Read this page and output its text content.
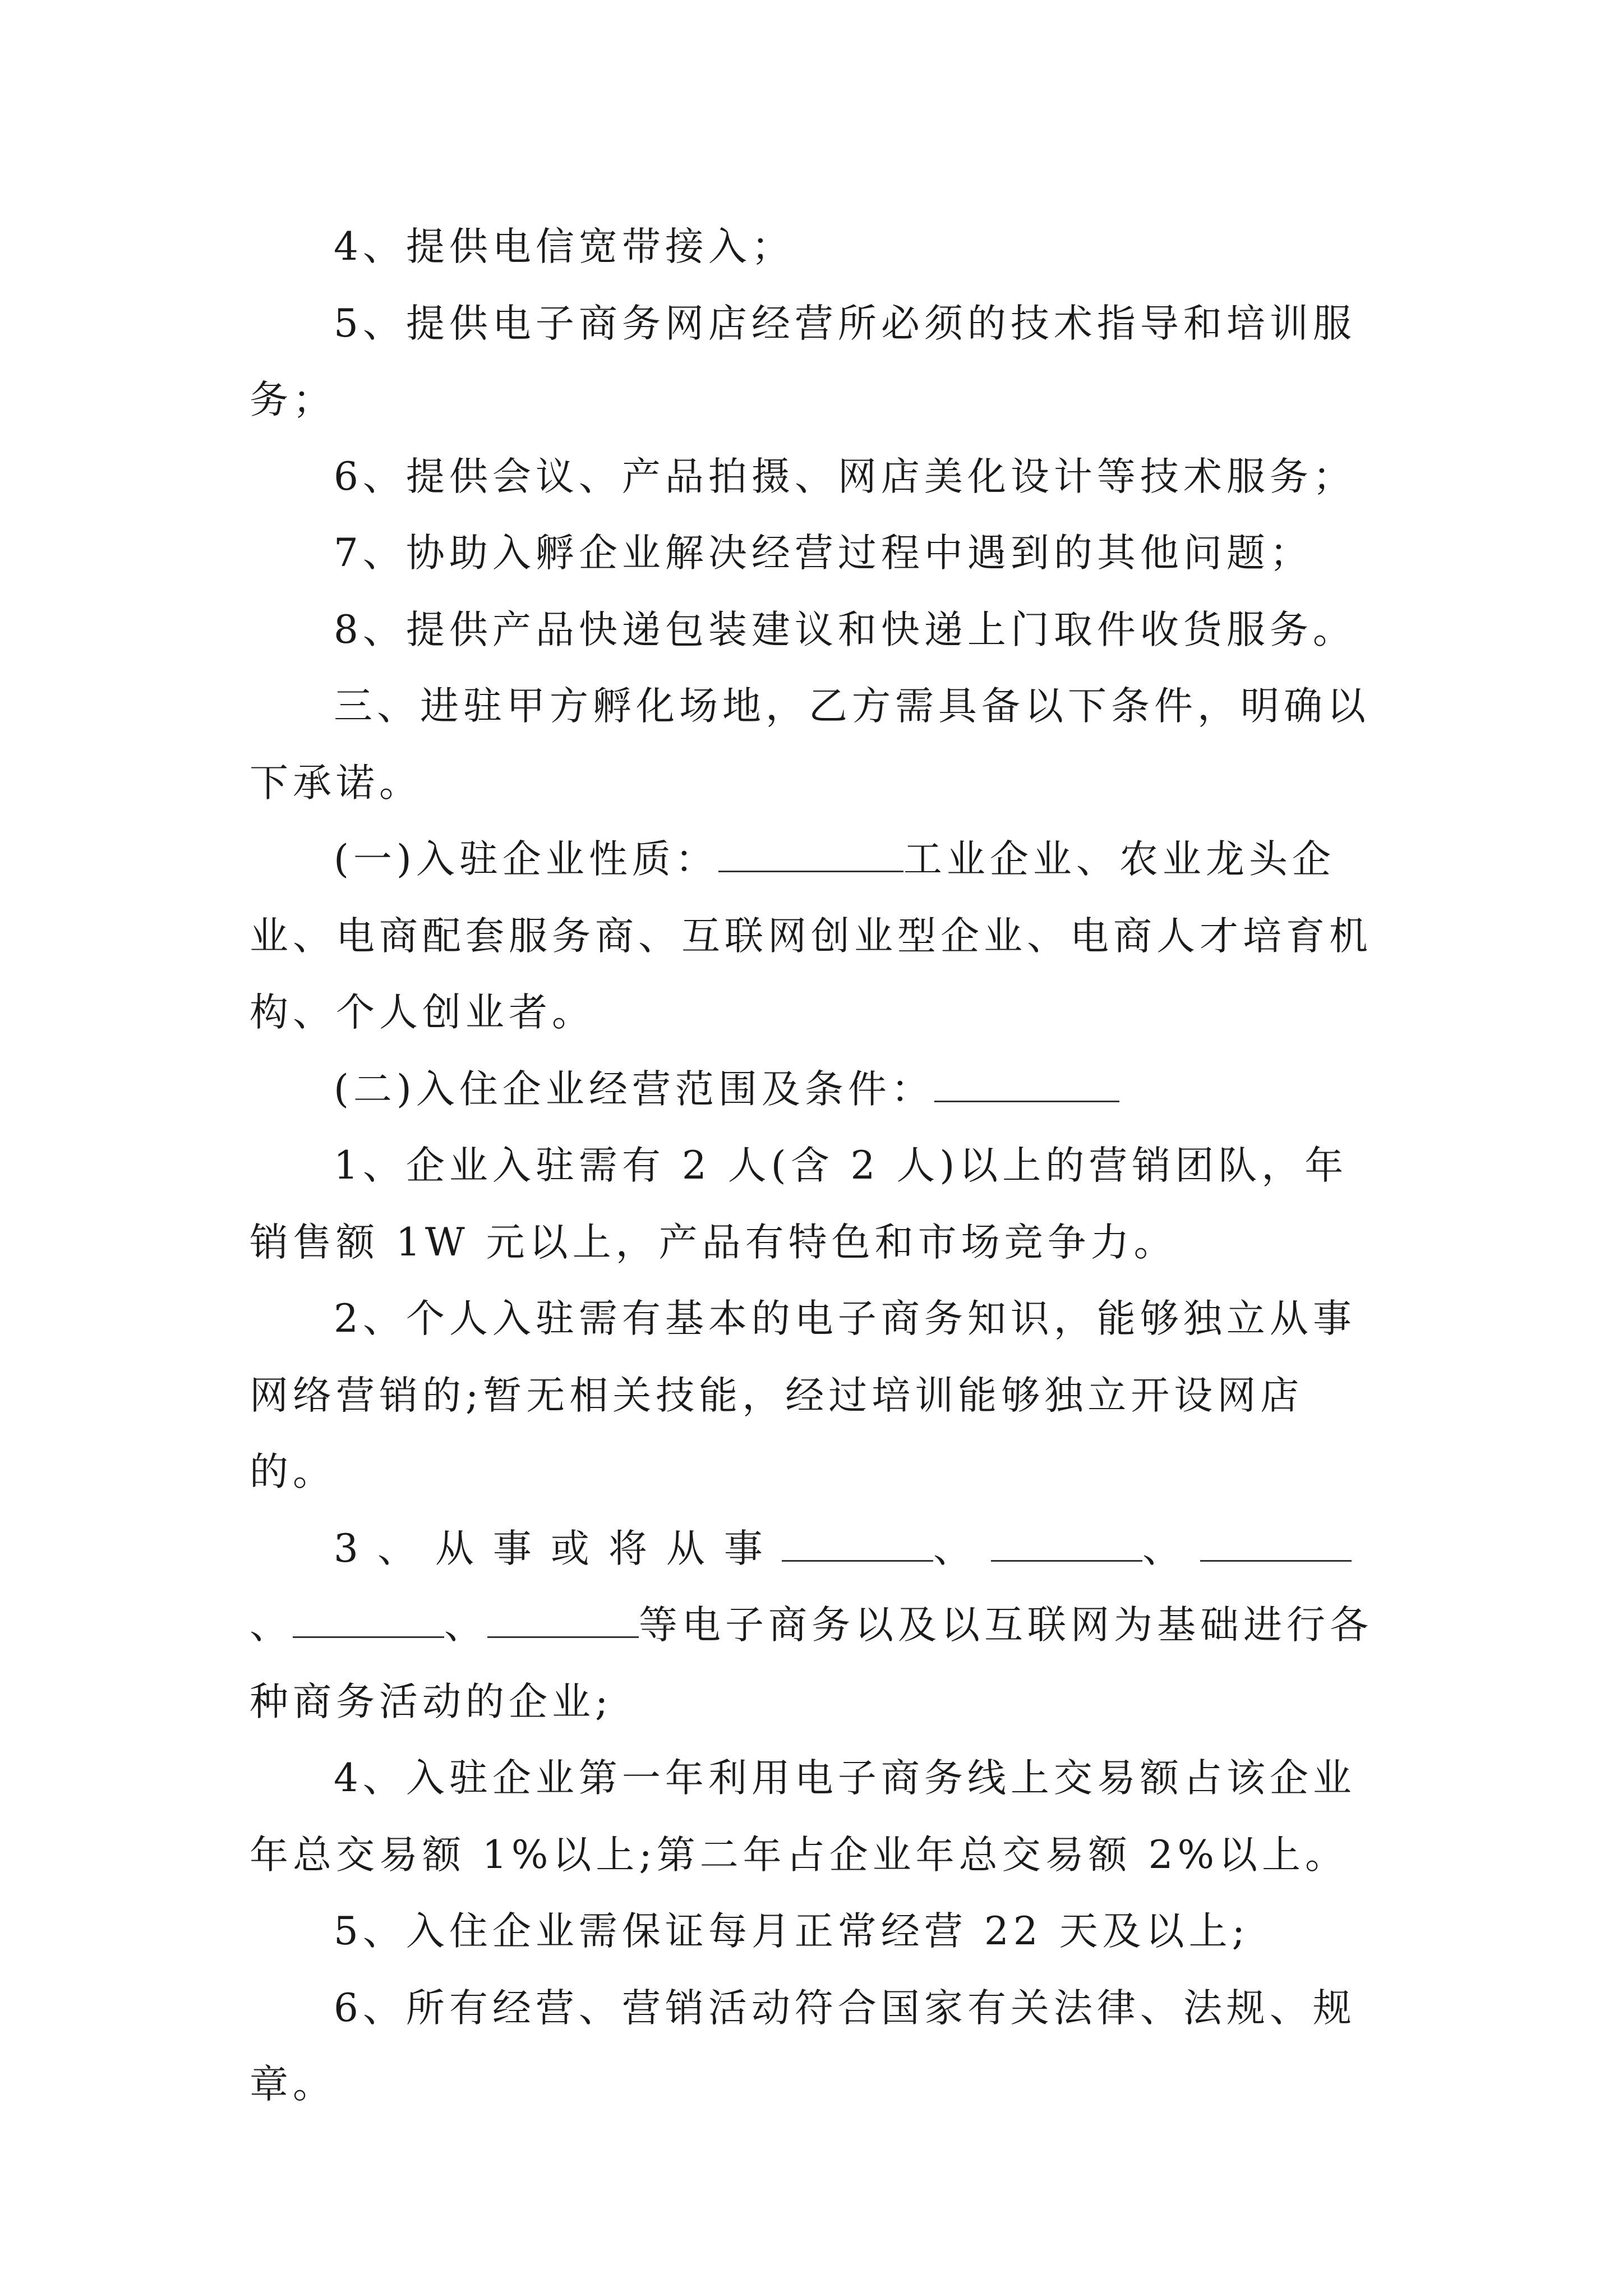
4、提供电信宽带接入；

5、提供电子商务网店经营所必须的技术指导和培训服务；

6、提供会议、产品拍摄、网店美化设计等技术服务；

7、协助入孵企业解决经营过程中遇到的其他问题；

8、提供产品快递包装建议和快递上门取件收货服务。

三、进驻甲方孵化场地，乙方需具备以下条件，明确以下承诺。

(一)入驻企业性质：	工业企业、农业龙头企业、电商配套服务商、互联网创业型企业、电商人才培育机构、个人创业者。

(二)入住企业经营范围及条件：

1、企业入驻需有 2 人(含 2 人)以上的营销团队，年销售额 1W 元以上，产品有特色和市场竞争力。

2、个人入驻需有基本的电子商务知识，能够独立从事网络营销的;暂无相关技能，经过培训能够独立开设网店的。

3、从事或将从事	、	、、	、	等电子商务以及以互联网为基础进行各种商务活动的企业;

4、入驻企业第一年利用电子商务线上交易额占该企业年总交易额 1%以上;第二年占企业年总交易额 2%以上。

5、入住企业需保证每月正常经营 22 天及以上;

6、所有经营、营销活动符合国家有关法律、法规、规章。
